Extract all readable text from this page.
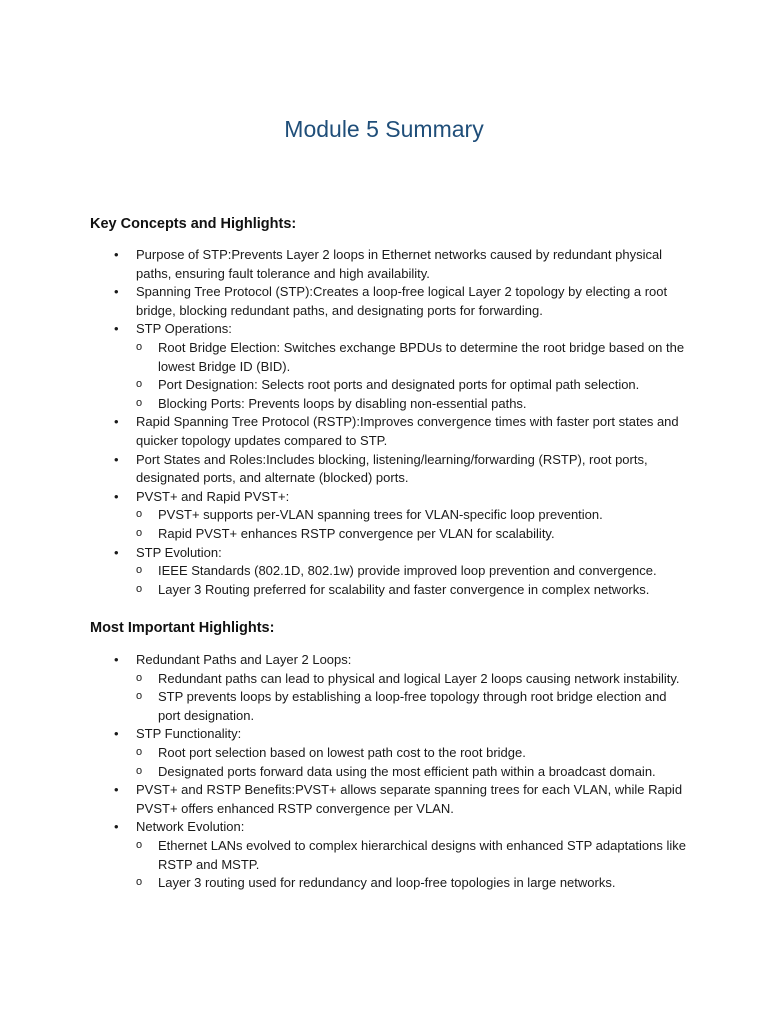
Module 5 Summary
Key Concepts and Highlights:
• Purpose of STP:Prevents Layer 2 loops in Ethernet networks caused by redundant physical paths, ensuring fault tolerance and high availability.
• Spanning Tree Protocol (STP):Creates a loop-free logical Layer 2 topology by electing a root bridge, blocking redundant paths, and designating ports for forwarding.
• STP Operations:
o Root Bridge Election: Switches exchange BPDUs to determine the root bridge based on the lowest Bridge ID (BID).
o Port Designation: Selects root ports and designated ports for optimal path selection.
o Blocking Ports: Prevents loops by disabling non-essential paths.
• Rapid Spanning Tree Protocol (RSTP):Improves convergence times with faster port states and quicker topology updates compared to STP.
• Port States and Roles:Includes blocking, listening/learning/forwarding (RSTP), root ports, designated ports, and alternate (blocked) ports.
• PVST+ and Rapid PVST+:
o PVST+ supports per-VLAN spanning trees for VLAN-specific loop prevention.
o Rapid PVST+ enhances RSTP convergence per VLAN for scalability.
• STP Evolution:
o IEEE Standards (802.1D, 802.1w) provide improved loop prevention and convergence.
o Layer 3 Routing preferred for scalability and faster convergence in complex networks.
Most Important Highlights:
• Redundant Paths and Layer 2 Loops:
o Redundant paths can lead to physical and logical Layer 2 loops causing network instability.
o STP prevents loops by establishing a loop-free topology through root bridge election and port designation.
• STP Functionality:
o Root port selection based on lowest path cost to the root bridge.
o Designated ports forward data using the most efficient path within a broadcast domain.
• PVST+ and RSTP Benefits:PVST+ allows separate spanning trees for each VLAN, while Rapid PVST+ offers enhanced RSTP convergence per VLAN.
• Network Evolution:
o Ethernet LANs evolved to complex hierarchical designs with enhanced STP adaptations like RSTP and MSTP.
o Layer 3 routing used for redundancy and loop-free topologies in large networks.
